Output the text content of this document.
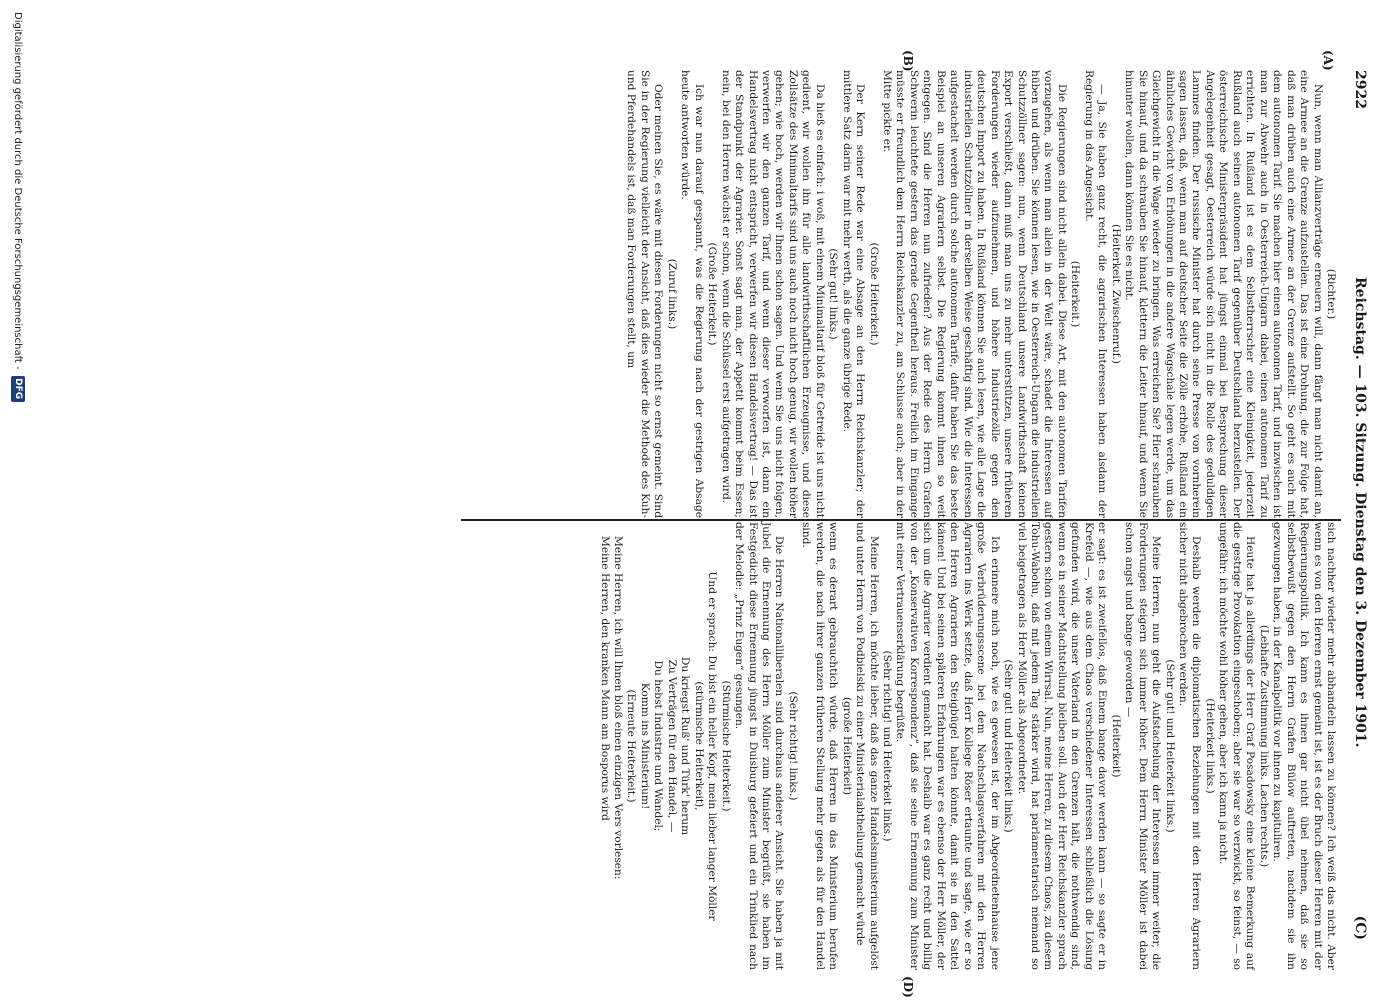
2922
Reichstag. — 103. Sitzung. Dienstag den 3. Dezember 1901.
(C)
(A)
(B)
(D)

(Richter.)

Nun, wenn man Allianzverträge erneuern will, dann fängt man nicht damit an, eine Armee an die Grenze aufzustellen. Das ist eine Drohung, die zur Folge hat, daß man drüben auch eine Armee an der Grenze aufstellt. So geht es auch mit dem autonomen Tarif. Sie machen hier einen autonomen Tarif, und inzwischen ist man zur Abwehr auch in Oesterreich-Ungarn dabei, einen autonomen Tarif zu errichten. In Rußland ist es dem Selbstherrscher eine Kleinigkeit, jederzeit Rußland auch seinen autonomen Tarif gegenüber Deutschland herzustellen. Der österreichische Ministerpräsident hat jüngst einmal bei Besprechung dieser Angelegenheit gesagt, Oesterreich würde sich nicht in die Rolle des geduldigen Lammes finden. Der russische Minister hat durch seine Presse von vornherein sagen lassen, daß, wenn man auf deutscher Seite die Zölle erhöhe, Rußland ein ähnliches Gewicht von Erhöhungen in die andere Wagschale legen werde, um das Gleichgewicht in die Wage wieder zu bringen. Was erreichen Sie? Hier schrauben Sie hinauf, und da schrauben Sie hinauf, klettern die Leiter hinauf, und wenn Sie hinunter wollen, dann können Sie es nicht.

(Heiterkeit. Zwischenruf.)

— Ja, Sie haben ganz recht, die agrarischen Interessen haben alsdann der Regierung in das Angesicht.

(Heiterkeit.)

Die Regierungen sind nicht allein dabei. Diese Art, mit den autonomen Tarifen vorzugehen, als wenn man allein in der Welt wäre, schadet die Interessen auf hüben und drüben. Sie können lesen, wie in Oesterreich-Ungarn die industriellen Schutzzöllner sagen: nun, wenn Deutschland unsere Landwirthschaft keinen Export verschließt, dann muß man uns zu mehr unterstützen, unsere früheren Forderungen wieder aufzunehmen, und höhere Industriezölle gegen den deutschen Import zu haben. In Rußland können Sie auch lesen, wie alle Lage die industriellen Schutzzöllner in derselben Weise geschäftig sind. Wie die Interessen aufgestachelt werden durch solche autonomen Tarife, dafür haben Sie das beste Beispiel an unseren Agrariern selbst. Die Regierung kommt ihnen so weit entgegen. Sind die Herren nun zufrieden? Aus der Rede des Herrn Grafen Schwerin leuchtete gestern das gerade Gegentheil heraus. Freilich im Eingange müsste er freundlich dem Herrn Reichskanzler zu, am Schlusse auch; aber in der Mitte pickte er.

(Große Heiterkeit.)

Der Kern seiner Rede war eine Absage an den Herrn Reichskanzler; der mittlere Satz darin war mit mehr werth, als die ganze übrige Rede.

(Sehr gut! links.)

Da hieß es einfach: i woß, mit einem Minimaltarif bloß für Getreide ist uns nicht gedient, wir wollen ihn für alle landwirthschaftlichen Erzeugnisse, und diese Zollsätze des Minimaltarifs sind uns auch noch nicht hoch genug, wir wollen höher gehen; wie hoch, werden wir Ihnen schon sagen. Und wenn Sie uns nicht folgen, verwerfen wir den ganzen Tarif, und wenn dieser verworfen ist, dann ein Handelsvertrag nicht entspricht, verwerfen wir diesen Handelsvertrag! — Das ist der Standpunkt der Agrarier. Sonst sagt man, der Appetit kommt beim Essen; nein, bei den Herren wächst er schon, wenn die Schüssel erst aufgetragen wird.

(Große Heiterkeit.)

Ich war nun darauf gespannt, was die Regierung nach der gestrigen Absage heute antworten würde.

(Zuruf links.)

Oder meinen Sie, es wäre mit diesen Forderungen nicht so ernst gemeint. Sind Sie in der Regierung vielleicht der Ansicht, daß dies wieder die Methode des Kuh- und Pferdehandels ist, daß man Forderungen stellt, um

sich nachher wieder mehr abhandeln lassen zu können? Ich weiß das nicht. Aber wenn es von den Herren ernst gemeint ist, ist es der Bruch dieser Herren mit der Regierungspolitik. Ich kann es ihnen gar nicht übel nehmen, daß sie so selbstbewußt gegen den Herrn Grafen Bülow auftreten, nachdem sie ihn gezwungen haben, in der Kanalpolitik vor ihnen zu kapituliren.

(Lebhafte Zustimmung links. Lachen rechts.)

Heute hat ja allerdings der Herr Graf Posadowsky eine kleine Bemerkung auf die gestrige Provokation eingeschoben; aber sie war so verzwickt, so feinst, — so ungefähr: ich möchte wohl höher gehen, aber ich kann ja nicht.

(Heiterkeit links.)

Deshalb werden die diplomatischen Beziehungen mit den Herren Agrariern sicher nicht abgebrochen werden.

(Sehr gut! und Heiterkeit links.)

Meine Herren, nun geht die Aufstachelung der Interessen immer weiter, die Forderungen steigern sich immer höher. Dem Herrn Minister Möller ist dabei schon angst und bange geworden —

(Heiterkeit)

er sagt: es ist zweifellos, daß Einem bange davor werden kann — so sagte er in Krefeld —, wie aus dem Chaos verschiedener Interessen schließlich die Lösung gefunden wird, die unser Vaterland in den Grenzen hält, die nothwendig sind, wenn es in seiner Machtstellung bleiben soll. Auch der Herr Reichskanzler sprach gestern schon von einem Wirrsal. Nun, meine Herren, zu diesem Chaos, zu diesem Tohu-Wabohu, daß mit jedem Tag stärker wird, hat parlamentarisch niemand so viel beigetragen als Herr Möller als Abgeordneter.

(Sehr gut! und Heiterkeit links.)

Ich erinnere mich noch, wie es gewesen ist, der im Abgeordnetenhause jene große Verbrüderungsscene bei dem Nachschlagsverfahren mit den Herren Agrariern ins Werk setzte, daß Herr Kollege Röser ertaunte und sagte, wie er so den Herren Agrariern den Steigbügel halten könnte, damit sie in den Sattel kämen! Und bei seinen späteren Erfahrungen war es ebenso der Herr Möller, der sich um die Agrarier verdient gemacht hat. Deshalb war es ganz recht und billig von der „Konservativen Korrespondenz“, daß sie seine Ernennung zum Minister mit einer Vertrauenserklärung begrüßte.

(Sehr richtig! und Heiterkeit links.)

Meine Herren, ich möchte lieber, daß das ganze Handelsministerium aufgelöst und unter Herrn von Podbielski zu einer Ministerialabtheilung gemacht würde

(große Heiterkeit)

wenn es derart gebrauchtich würde, daß Herren in das Ministerium berufen werden, die nach ihrer ganzen früheren Stellung mehr gegen als für den Handel sind.

(Sehr richtig! links.)

Die Herren Nationalliberalen sind durchaus anderer Ansicht. Sie haben ja mit Jubel die Ernennung des Herrn Möller zum Minister begrüßt, sie haben im Festgedicht diese Ernennung jüngst in Duisburg gefeiert und ein Trinklied nach der Melodie: „Prinz Eugen“ gesungen.

(Stürmische Heiterkeit.)

Und er sprach: Du bist ein heller Kopf, mein lieber langer Möller

(stürmische Heiterkeit),

Du kriegst Ruß' und Türk' herum

Zu Verträgen für den Handel, —

Du hebst Industrie und Wandel;

Komm ins Ministerium!

(Erneute Heiterkeit.)

Meine Herren, ich will Ihnen bloß einen einzigen Vers vorlesen:

Meine Herren, den kranken Mann am Bosporus wird

Digitalisierung gefördert durch die Deutsche Forschungsgemeinschaft -
DFG
